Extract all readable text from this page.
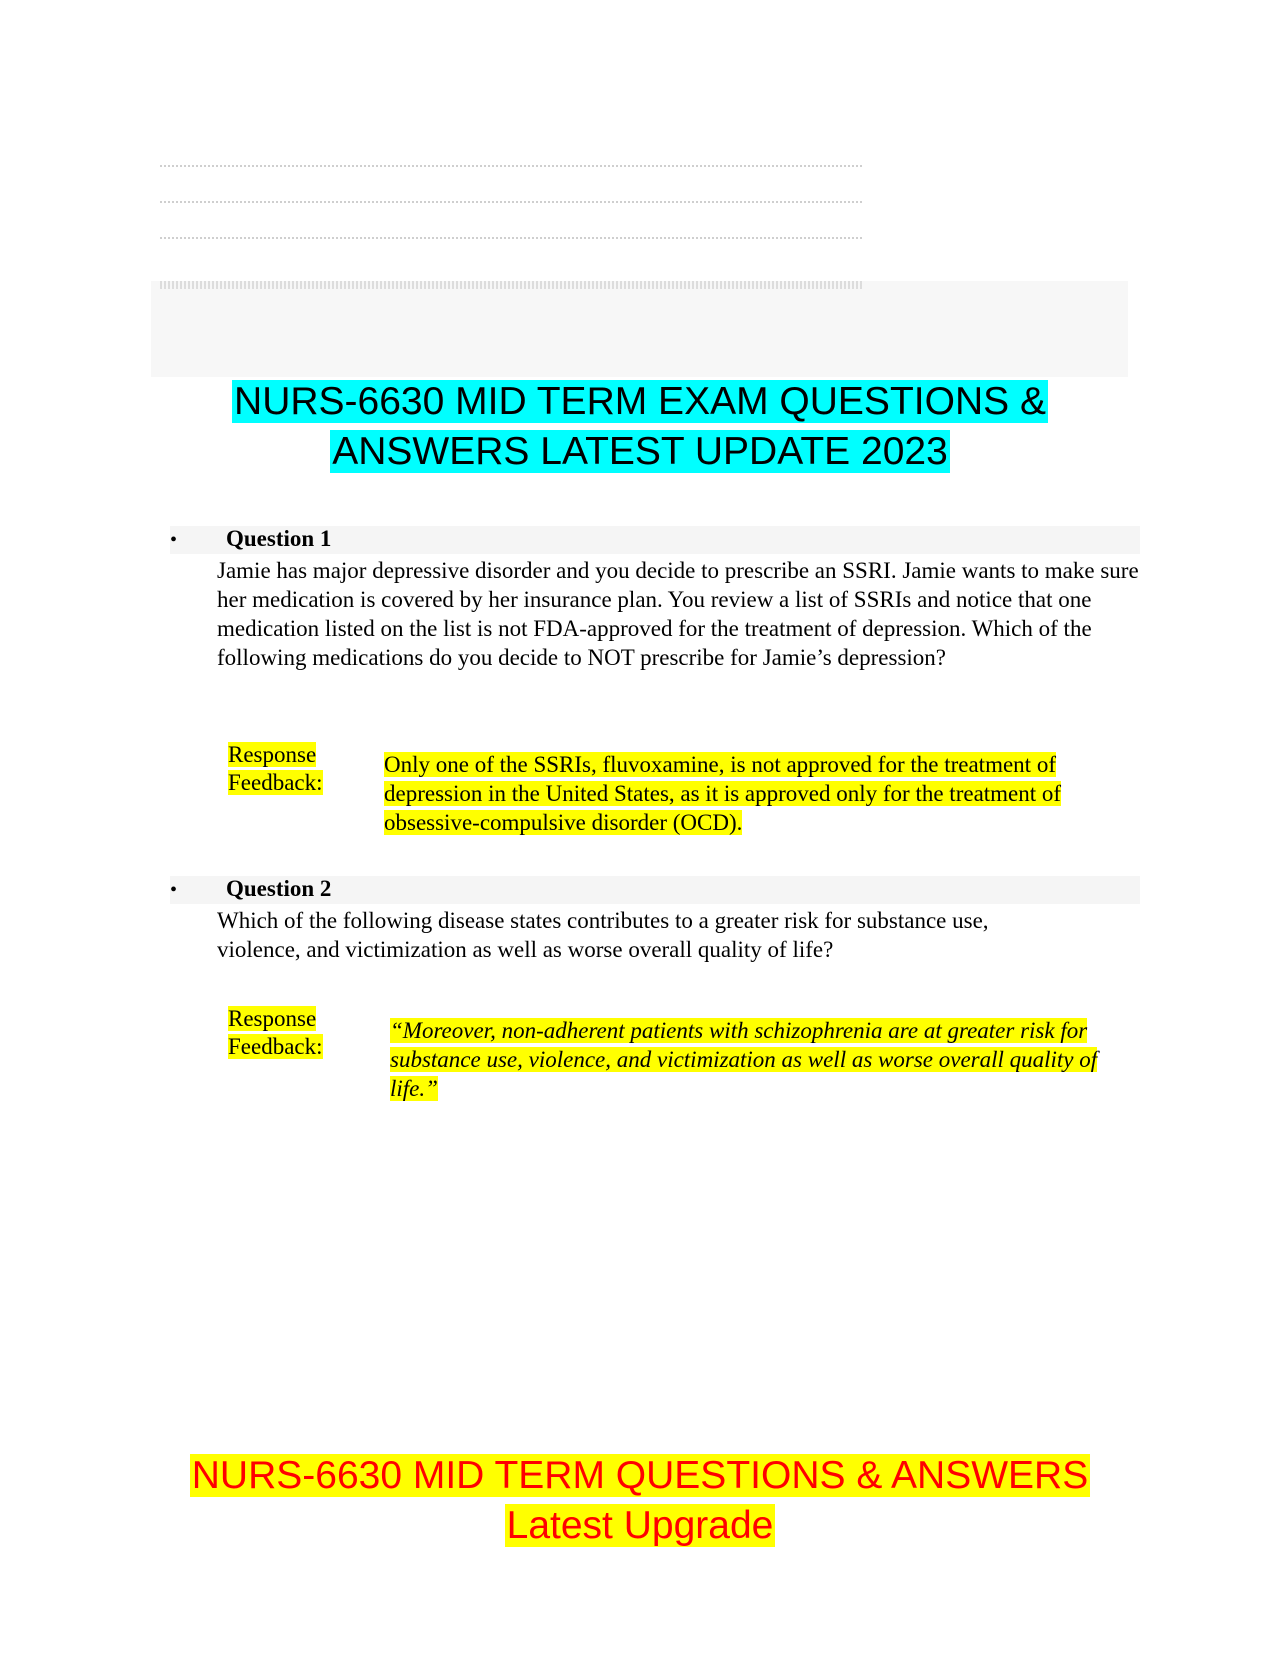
NURS-6630 MID TERM EXAM QUESTIONS &
ANSWERS LATEST UPDATE 2023
• Question 1
Jamie has major depressive disorder and you decide to prescribe an SSRI. Jamie wants to make sure her medication is covered by her insurance plan. You review a list of SSRIs and notice that one medication listed on the list is not FDA-approved for the treatment of depression. Which of the following medications do you decide to NOT prescribe for Jamie’s depression?
Response
Feedback:
Only one of the SSRIs, fluvoxamine, is not approved for the treatment of depression in the United States, as it is approved only for the treatment of obsessive-compulsive disorder (OCD).
• Question 2
Which of the following disease states contributes to a greater risk for substance use, violence, and victimization as well as worse overall quality of life?
Response
Feedback:
“Moreover, non-adherent patients with schizophrenia are at greater risk for substance use, violence, and victimization as well as worse overall quality of life.”
NURS-6630 MID TERM QUESTIONS & ANSWERS
Latest Upgrade
